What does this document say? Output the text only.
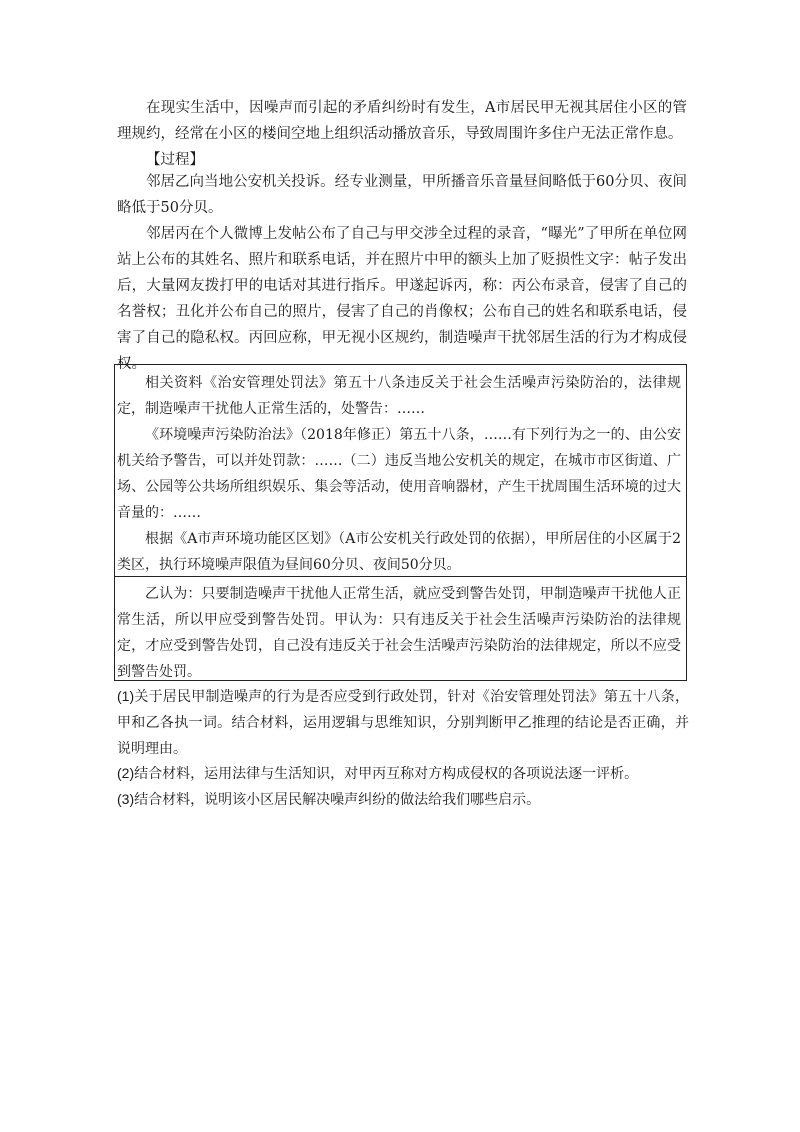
在现实生活中，因噪声而引起的矛盾纠纷时有发生，A市居民甲无视其居住小区的管理规约，经常在小区的楼间空地上组织活动播放音乐，导致周围许多住户无法正常作息。

【过程】

邻居乙向当地公安机关投诉。经专业测量，甲所播音乐音量昼间略低于60分贝、夜间略低于50分贝。

邻居丙在个人微博上发帖公布了自己与甲交涉全过程的录音，“曝光”了甲所在单位网站上公布的其姓名、照片和联系电话，并在照片中甲的额头上加了贬损性文字：帖子发出后，大量网友拨打甲的电话对其进行指斥。甲遂起诉丙，称：丙公布录音，侵害了自己的名誉权；丑化并公布自己的照片，侵害了自己的肖像权；公布自己的姓名和联系电话，侵害了自己的隐私权。丙回应称，甲无视小区规约，制造噪声干扰邻居生活的行为才构成侵权。

相关资料《治安管理处罚法》第五十八条违反关于社会生活噪声污染防治的，法律规定，制造噪声干扰他人正常生活的，处警告：……

《环境噪声污染防治法》（2018年修正）第五十八条，……有下列行为之一的、由公安机关给予警告，可以并处罚款：……（二）违反当地公安机关的规定，在城市市区街道、广场、公园等公共场所组织娱乐、集会等活动，使用音响器材，产生干扰周围生活环境的过大音量的：……

根据《A市声环境功能区区划》（A市公安机关行政处罚的依据），甲所居住的小区属于2类区，执行环境噪声限值为昼间60分贝、夜间50分贝。

乙认为：只要制造噪声干扰他人正常生活，就应受到警告处罚，甲制造噪声干扰他人正常生活，所以甲应受到警告处罚。甲认为：只有违反关于社会生活噪声污染防治的法律规定，才应受到警告处罚，自己没有违反关于社会生活噪声污染防治的法律规定，所以不应受到警告处罚。

(1)关于居民甲制造噪声的行为是否应受到行政处罚，针对《治安管理处罚法》第五十八条，甲和乙各执一词。结合材料，运用逻辑与思维知识，分别判断甲乙推理的结论是否正确，并说明理由。

(2)结合材料，运用法律与生活知识，对甲丙互称对方构成侵权的各项说法逐一评析。

(3)结合材料，说明该小区居民解决噪声纠纷的做法给我们哪些启示。
